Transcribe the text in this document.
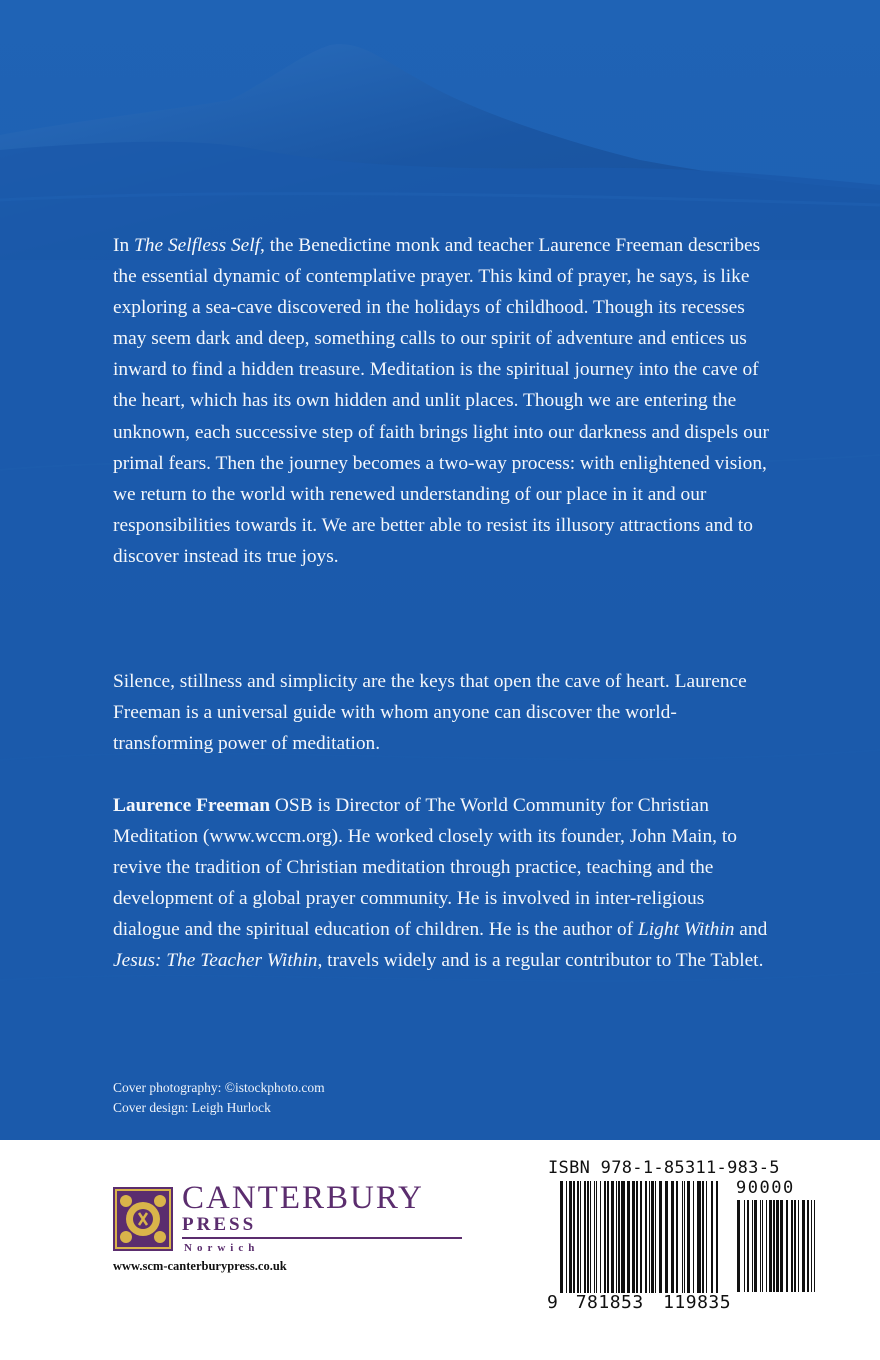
In The Selfless Self, the Benedictine monk and teacher Laurence Freeman describes the essential dynamic of contemplative prayer. This kind of prayer, he says, is like exploring a sea-cave discovered in the holidays of childhood. Though its recesses may seem dark and deep, something calls to our spirit of adventure and entices us inward to find a hidden treasure. Meditation is the spiritual journey into the cave of the heart, which has its own hidden and unlit places. Though we are entering the unknown, each successive step of faith brings light into our darkness and dispels our primal fears. Then the journey becomes a two-way process: with enlightened vision, we return to the world with renewed understanding of our place in it and our responsibilities towards it. We are better able to resist its illusory attractions and to discover instead its true joys.
Silence, stillness and simplicity are the keys that open the cave of heart. Laurence Freeman is a universal guide with whom anyone can discover the world-transforming power of meditation.
Laurence Freeman OSB is Director of The World Community for Christian Meditation (www.wccm.org). He worked closely with its founder, John Main, to revive the tradition of Christian meditation through practice, teaching and the development of a global prayer community. He is involved in inter-religious dialogue and the spiritual education of children. He is the author of Light Within and Jesus: The Teacher Within, travels widely and is a regular contributor to The Tablet.
Cover photography: ©istockphoto.com
Cover design: Leigh Hurlock
CANTERBURY
PRESS
Norwich
www.scm-canterburypress.co.uk
ISBN 978-1-85311-983-5
90000
9 781853 119835
